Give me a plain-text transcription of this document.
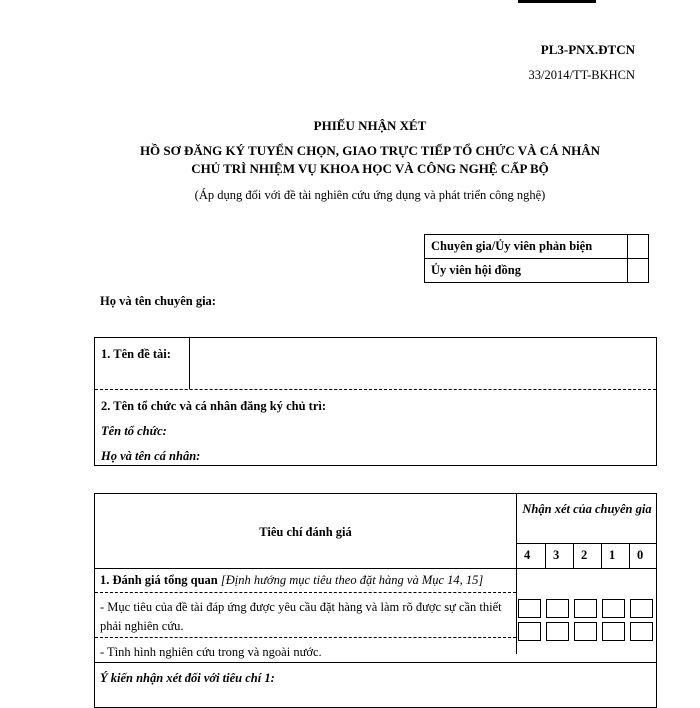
PL3-PNX.ĐTCN
33/2014/TT-BKHCN
PHIẾU NHẬN XÉT
HỒ SƠ ĐĂNG KÝ TUYỂN CHỌN, GIAO TRỰC TIẾP TỔ CHỨC VÀ CÁ NHÂN
CHỦ TRÌ NHIỆM VỤ KHOA HỌC VÀ CÔNG NGHỆ CẤP BỘ
(Áp dụng đối với đề tài nghiên cứu ứng dụng và phát triển công nghệ)
Chuyên gia/Ủy viên phản biện	
Ủy viên hội đồng	
Họ và tên chuyên gia:
1. Tên đề tài:
2. Tên tổ chức và cá nhân đăng ký chủ trì:
Tên tổ chức:
Họ và tên cá nhân:
Tiêu chí đánh giá
Nhận xét của chuyên gia
4 3 2 1 0
1. Đánh giá tổng quan [Định hướng mục tiêu theo đặt hàng và Mục 14, 15]
- Mục tiêu của đề tài đáp ứng được yêu cầu đặt hàng và làm rõ được sự cần thiết phải nghiên cứu.
- Tình hình nghiên cứu trong và ngoài nước.
Ý kiến nhận xét đối với tiêu chí 1:
